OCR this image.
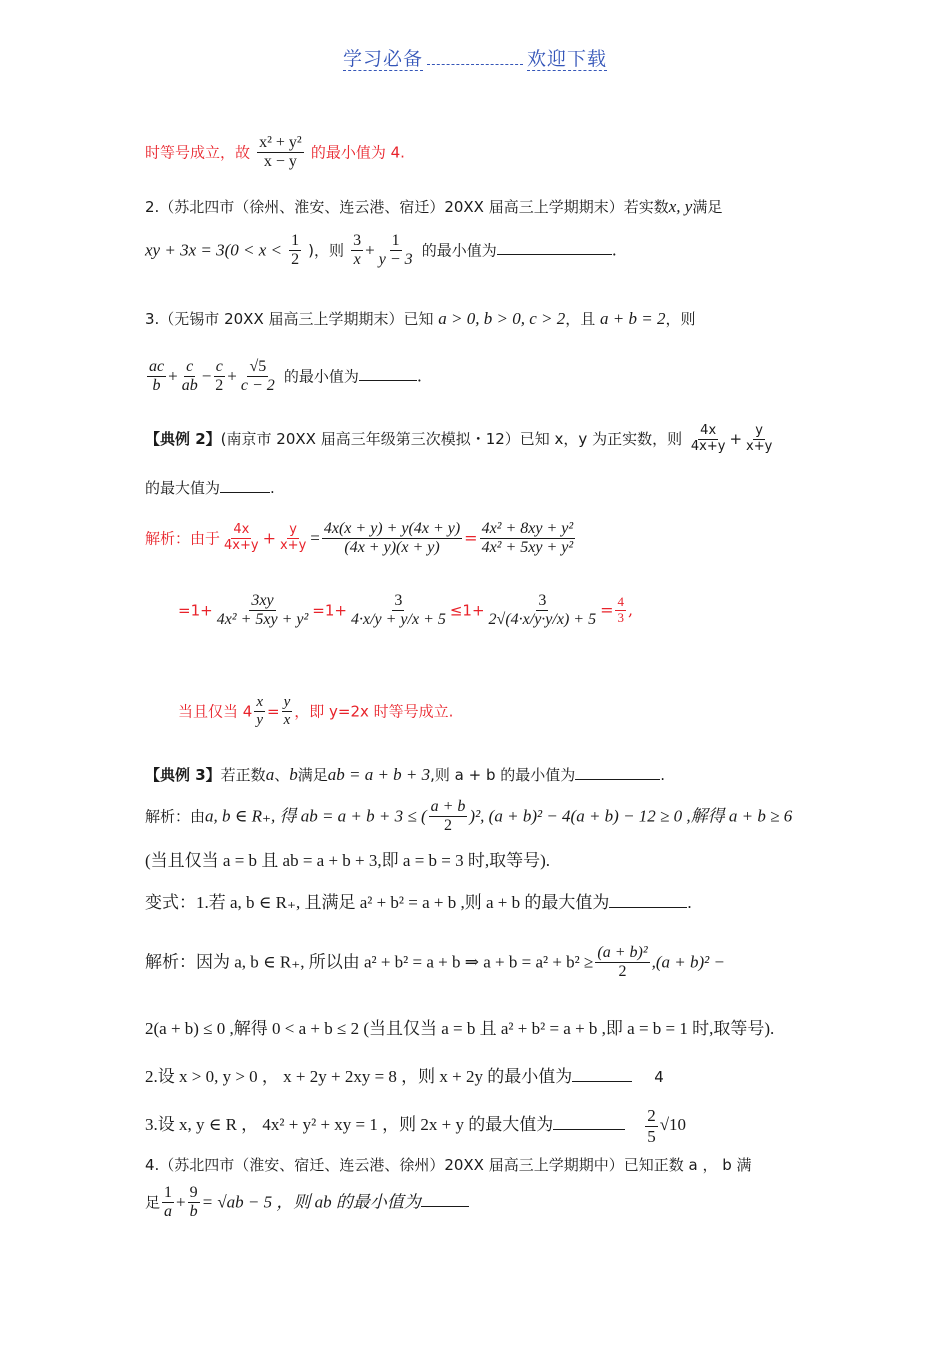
学习必备	欢迎下载
时等号成立，故 $\frac{\text{x² + y²}}{x - y}$ 的最小值为 4.
2.（苏北四市（徐州、淮安、连云港、宿迁）20XX 届高三上学期期末）若实数x, y满足
xy + $3x = 3(0 < x < \frac{1}{2}$ )，则 $\frac{3}{x} + \frac{1}{y - 3}$ 的最小值为	.
3.（无锡市 20XX 届高三上学期期末）已知 a > 0, b > 0, c > 2，且 a + b = 2，则
$\frac{ac}{b} + \frac{c}{ab} - \frac{c}{2} + \frac{√5}{c - 2}$ 的最小值为	.
【典例 2】(南京市 20XX 届高三年级第三次模拟・12）已知 x，y 为正实数，则 $\frac{4x}{4x+y} + \frac{y}{x+y}$
的最大值为	.
解析：由于 $\frac{4x}{4x+y} + \frac{y}{x+y} = \frac{4x(x + y) + y(4x + y)}{(4x + y)(x + y)} = \frac{\text{4x² + 8xy + y²}}{\text{4x² + 5xy + y²}}$
$=1+ \frac{3xy}{\text{4x² + 5xy + y²}} =1+ \frac{3}{4\cdot x/y + y/x + 5} \le 1+ \frac{3}{2√(4\cdot x/y\cdot y/x) + 5} = \frac{4}{3}$ ,
当且仅当 $4 \frac{x}{y} = \frac{y}{x}$ ，即 y=2x 时等号成立.
【典例 3】若正数a、b满足ab = a + b + 3,则 a + b 的最小值为	.
解析：由a, b ∈ R₊, 得 ab = a + b + 3 ≤ ( $\frac{a + b}{2} )^2$, (a + b)² − 4(a + b) − 12 ≥ 0 ,解得 a + b ≥ 6
(当且仅当 a = b 且 ab = a + b + 3,即 a = b = 3 时,取等号).
变式：1.若 a, b ∈ R₊, 且满足 a² + b² = a + b ,则 a + b 的最大值为	.
解析：因为 a, b ∈ R₊, 所以由 a² + b² = a + b ⇒ $a + b = a^2 + b^2 \ge \frac{\text{(a + b)²}}{2} ,(a + b)^2$ −
2(a + b) ≤ 0 ,解得 0 < a + b ≤ 2 (当且仅当 a = b 且 a² + b² = a + b ,即 a = b = 1 时,取等号).
2.设 x > 0, y > 0 ， x + 2y + 2xy = 8 ，则 x + 2y 的最小值为	4
3.设 x, y ∈ R ， 4x² + y² + xy = 1 ，则 2x + y 的最大值为	$\frac{2}{5} √10$
4.（苏北四市（淮安、宿迁、连云港、徐州）20XX 届高三上学期期中）已知正数 a ， b 满
足 $\frac{1}{a} + \frac{9}{b} = √ab - 5$ ，则 ab 的最小值为
